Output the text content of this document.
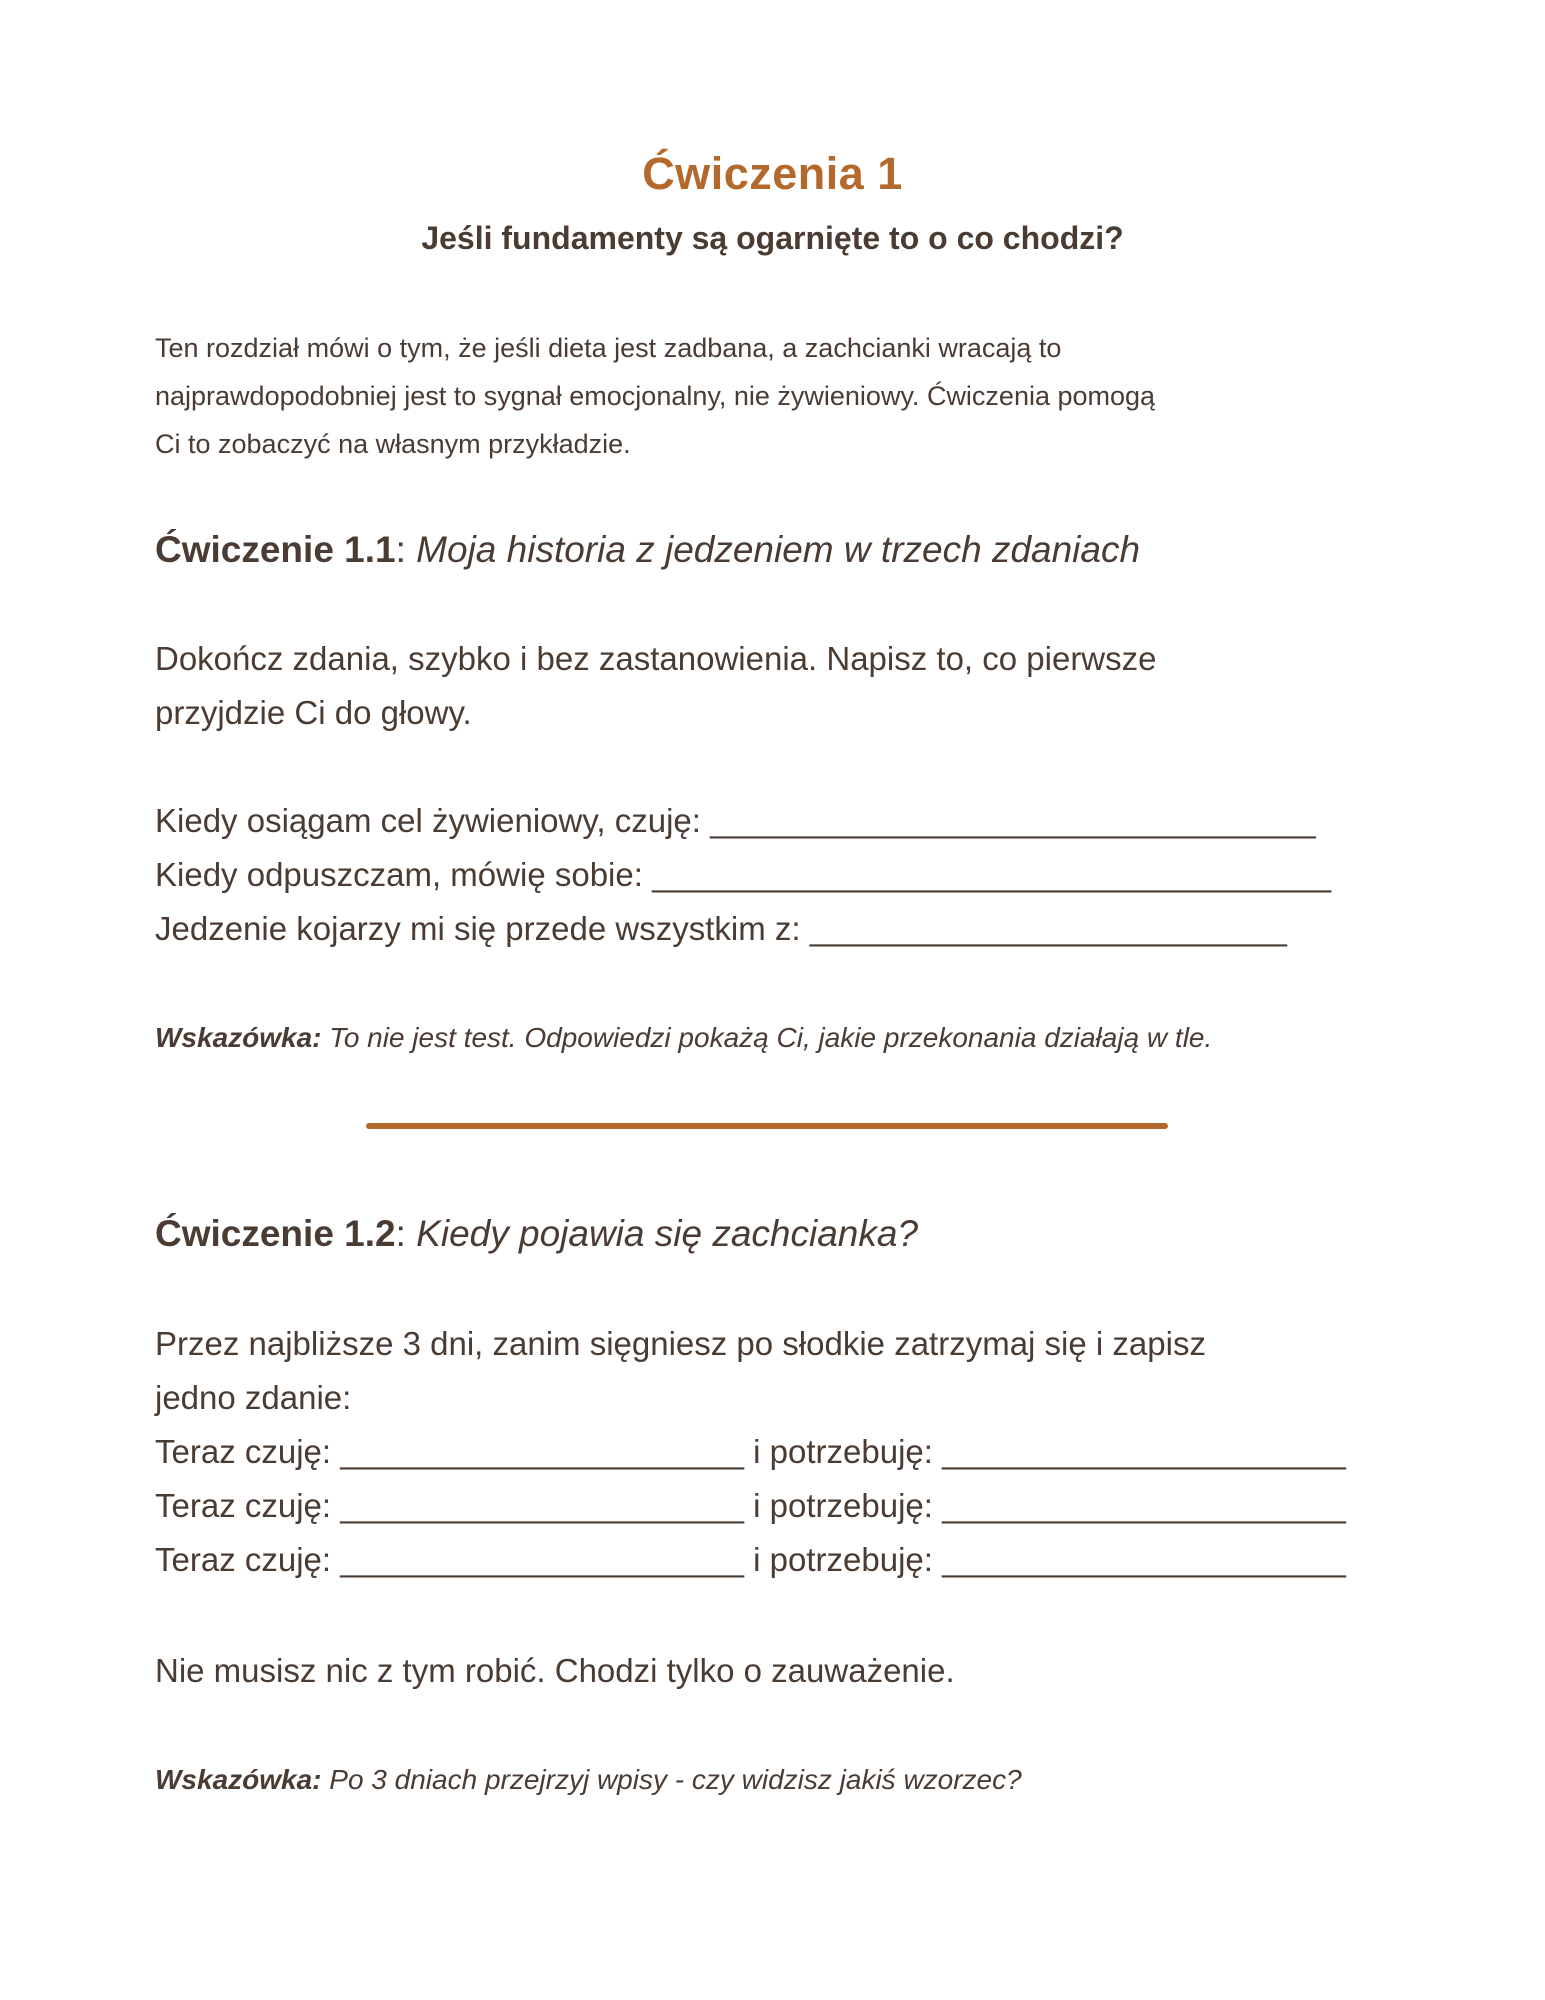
Ćwiczenia 1
Jeśli fundamenty są ogarnięte to o co chodzi?
Ten rozdział mówi o tym, że jeśli dieta jest zadbana, a zachcianki wracają to
najprawdopodobniej jest to sygnał emocjonalny, nie żywieniowy. Ćwiczenia pomogą
Ci to zobaczyć na własnym przykładzie.
Ćwiczenie 1.1: Moja historia z jedzeniem w trzech zdaniach
Dokończ zdania, szybko i bez zastanowienia. Napisz to, co pierwsze
przyjdzie Ci do głowy.
Kiedy osiągam cel żywieniowy, czuję: _________________________________
Kiedy odpuszczam, mówię sobie: _____________________________________
Jedzenie kojarzy mi się przede wszystkim z: __________________________
Wskazówka: To nie jest test. Odpowiedzi pokażą Ci, jakie przekonania działają w tle.
Ćwiczenie 1.2: Kiedy pojawia się zachcianka?
Przez najbliższe 3 dni, zanim sięgniesz po słodkie zatrzymaj się i zapisz
jedno zdanie:
Teraz czuję: ______________________ i potrzebuję: ______________________
Teraz czuję: ______________________ i potrzebuję: ______________________
Teraz czuję: ______________________ i potrzebuję: ______________________
Nie musisz nic z tym robić. Chodzi tylko o zauważenie.
Wskazówka: Po 3 dniach przejrzyj wpisy - czy widzisz jakiś wzorzec?
